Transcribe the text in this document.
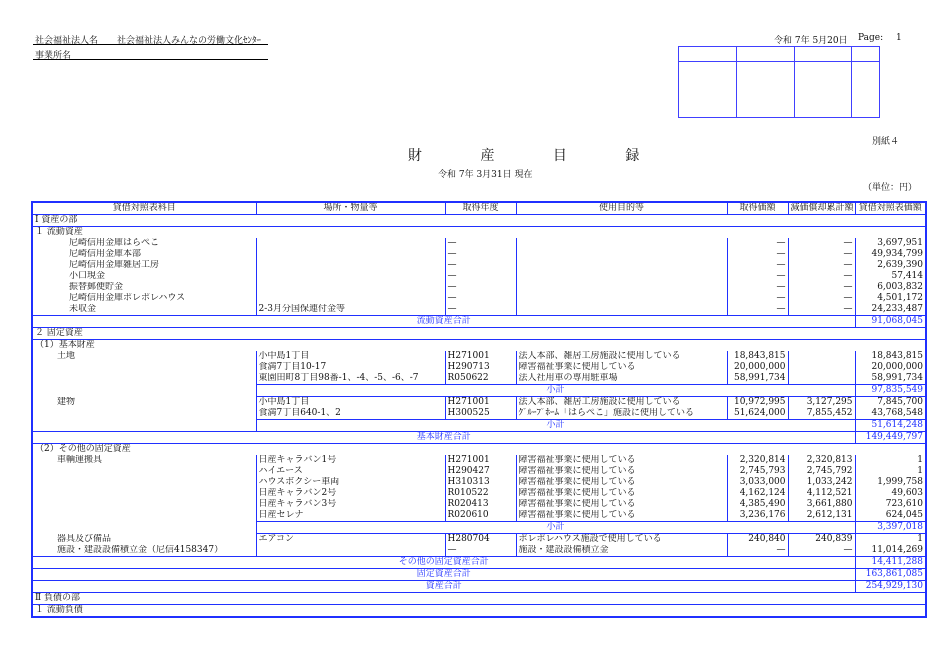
社会福祉法人名 社会福祉法人みんなの労働文化ｾﾝﾀｰ
事業所名
令和 7年 5月20日 Page: 1
別紙４
財 産 目 録
令和 7年 3月31日 現在
（単位：円）
貸借対照表科目	場所・物量等	取得年度	使用目的等	取得価額	減価償却累計額	貸借対照表価額
Ⅰ 資産の部						
１ 流動資産						
尼崎信用金庫はらぺこ		—		—	—	3,697,951
尼崎信用金庫本部		—		—	—	49,934,799
尼崎信用金庫雑居工房		—		—	—	2,639,390
小口現金		—		—	—	57,414
振替郵便貯金		—		—	—	6,003,832
尼崎信用金庫ポレポレハウス		—		—	—	4,501,172
未収金	2-3月分国保連付金等	—		—	—	24,233,487
流動資産合計						91,068,045
２ 固定資産						
（1）基本財産						
土地	小中島1丁目	H271001	法人本部、雑居工房施設に使用している	18,843,815		18,843,815
	食満7丁目10-17	H290713	障害福祉事業に使用している	20,000,000		20,000,000
	東園田町8丁目98番-1、-4、-5、-6、-7	R050622	法人社用車の専用駐車場	58,991,734		58,991,734
	小計					97,835,549
建物	小中島1丁目	H271001	法人本部、雑居工房施設に使用している	10,972,995	3,127,295	7,845,700
	食満7丁目640-1、2	H300525	ｸﾞﾙｰﾌﾟﾎｰﾑ「はらぺこ」施設に使用している	51,624,000	7,855,452	43,768,548
	小計					51,614,248
基本財産合計						149,449,797
（2）その他の固定資産						
車輌運搬具	日産キャラバン1号	H271001	障害福祉事業に使用している	2,320,814	2,320,813	1
	ハイエース	H290427	障害福祉事業に使用している	2,745,793	2,745,792	1
	ハウスボクシー車両	H310313	障害福祉事業に使用している	3,033,000	1,033,242	1,999,758
	日産キャラバン2号	R010522	障害福祉事業に使用している	4,162,124	4,112,521	49,603
	日産キャラバン3号	R020413	障害福祉事業に使用している	4,385,490	3,661,880	723,610
	日産セレナ	R020610	障害福祉事業に使用している	3,236,176	2,612,131	624,045
	小計					3,397,018
器具及び備品	エアコン	H280704	ポレポレハウス施設で使用している	240,840	240,839	1
施設・建設設備積立金（尼信4158347）		—	施設・建設設備積立金	—	—	11,014,269
その他の固定資産合計						14,411,288
固定資産合計						163,861,085
資産合計						254,929,130
Ⅱ 負債の部						
１ 流動負債						
